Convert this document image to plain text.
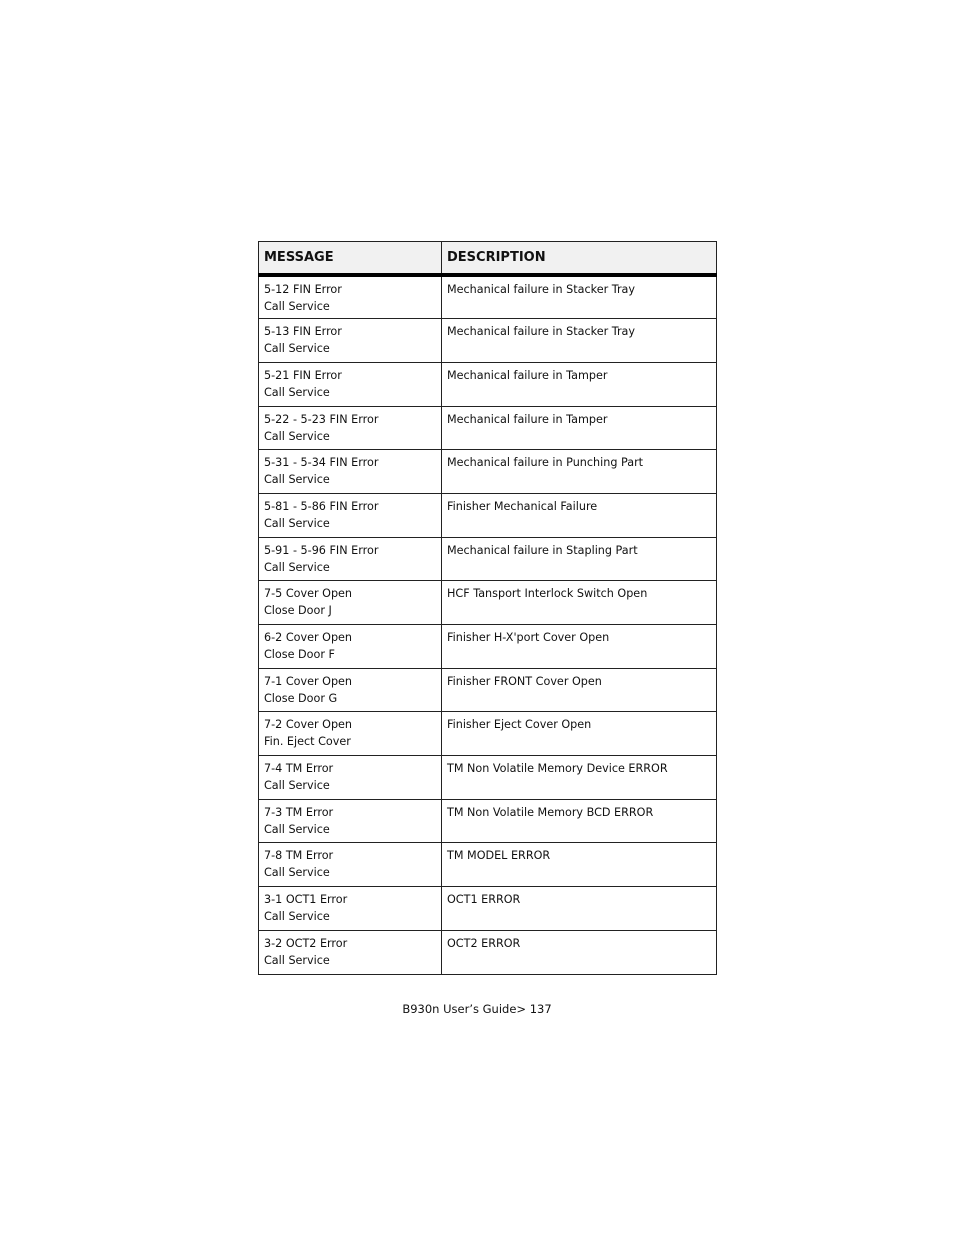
MESSAGE	DESCRIPTION

5-12 FIN Error
Call Service	Mechanical failure in Stacker Tray

5-13 FIN Error
Call Service	Mechanical failure in Stacker Tray

5-21 FIN Error
Call Service	Mechanical failure in Tamper

5-22 - 5-23 FIN Error
Call Service	Mechanical failure in Tamper

5-31 - 5-34 FIN Error
Call Service	Mechanical failure in Punching Part

5-81 - 5-86 FIN Error
Call Service	Finisher Mechanical Failure

5-91 - 5-96 FIN Error
Call Service	Mechanical failure in Stapling Part

7-5 Cover Open
Close Door J	HCF Tansport Interlock Switch Open

6-2 Cover Open
Close Door F	Finisher H-X'port Cover Open

7-1 Cover Open
Close Door G	Finisher FRONT Cover Open

7-2 Cover Open
Fin. Eject Cover	Finisher Eject Cover Open

7-4 TM Error
Call Service	TM Non Volatile Memory Device ERROR

7-3 TM Error
Call Service	TM Non Volatile Memory BCD ERROR

7-8 TM Error
Call Service	TM MODEL ERROR

3-1 OCT1 Error
Call Service	OCT1 ERROR

3-2 OCT2 Error
Call Service	OCT2 ERROR
B930n User’s Guide> 137
